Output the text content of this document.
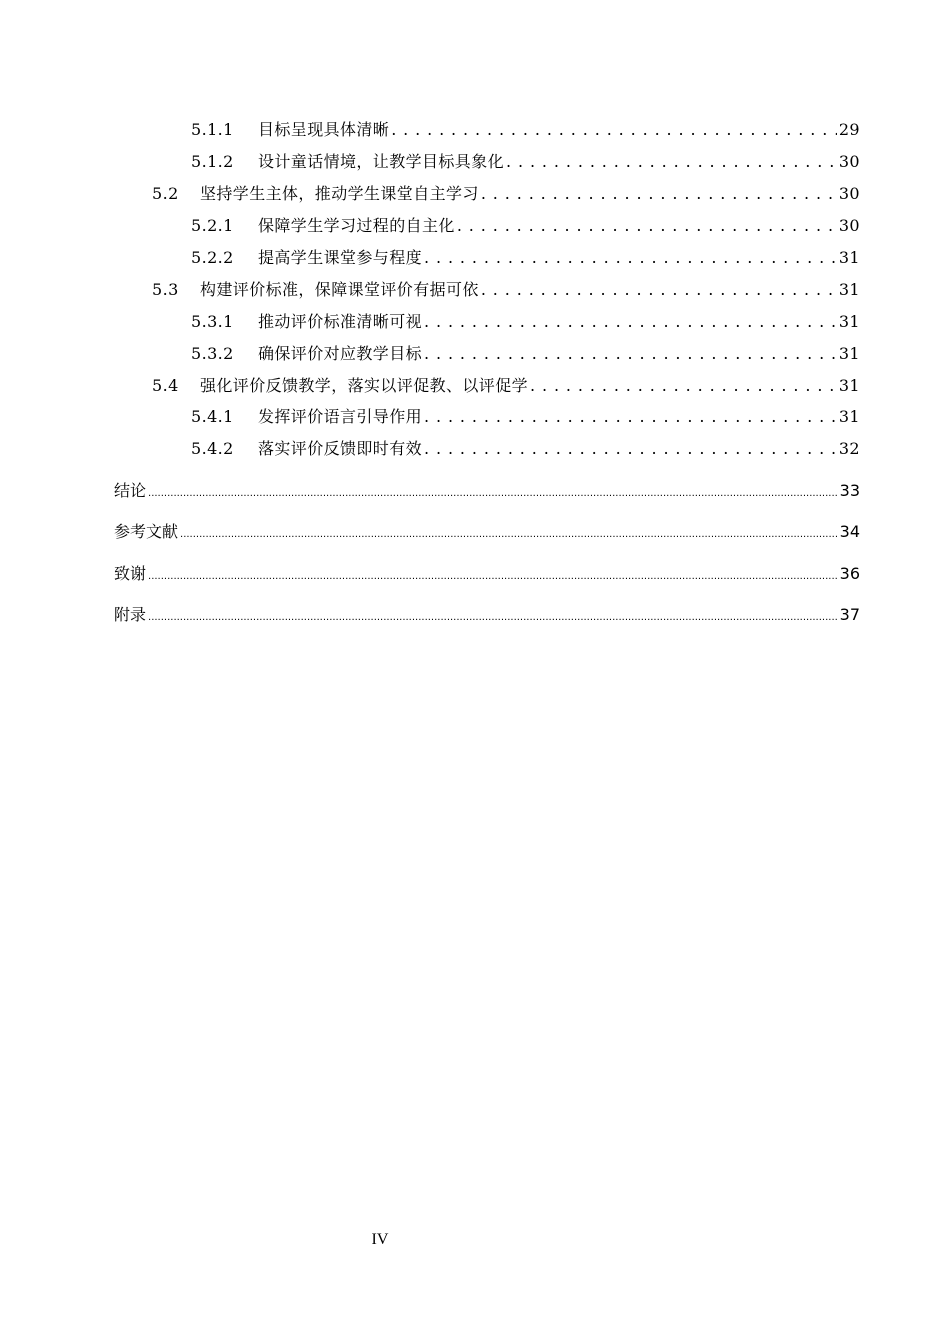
5.1.1	目标呈现具体清晰 . . .	29
5.1.2	设计童话情境，让教学目标具象化 . . .	30
5.2	坚持学生主体，推动学生课堂自主学习 . . .	30
5.2.1	保障学生学习过程的自主化 . . .	30
5.2.2	提高学生课堂参与程度 . . .	31
5.3	构建评价标准，保障课堂评价有据可依 . . .	31
5.3.1	推动评价标准清晰可视 . . .	31
5.3.2	确保评价对应教学目标 . . .	31
5.4	强化评价反馈教学，落实以评促教、以评促学 . . .	31
5.4.1	发挥评价语言引导作用 . . .	31
5.4.2	落实评价反馈即时有效 . . .	32
结论 .....	33
参考文献 .....	34
致谢 .....	36
附录 .....	37
IV
